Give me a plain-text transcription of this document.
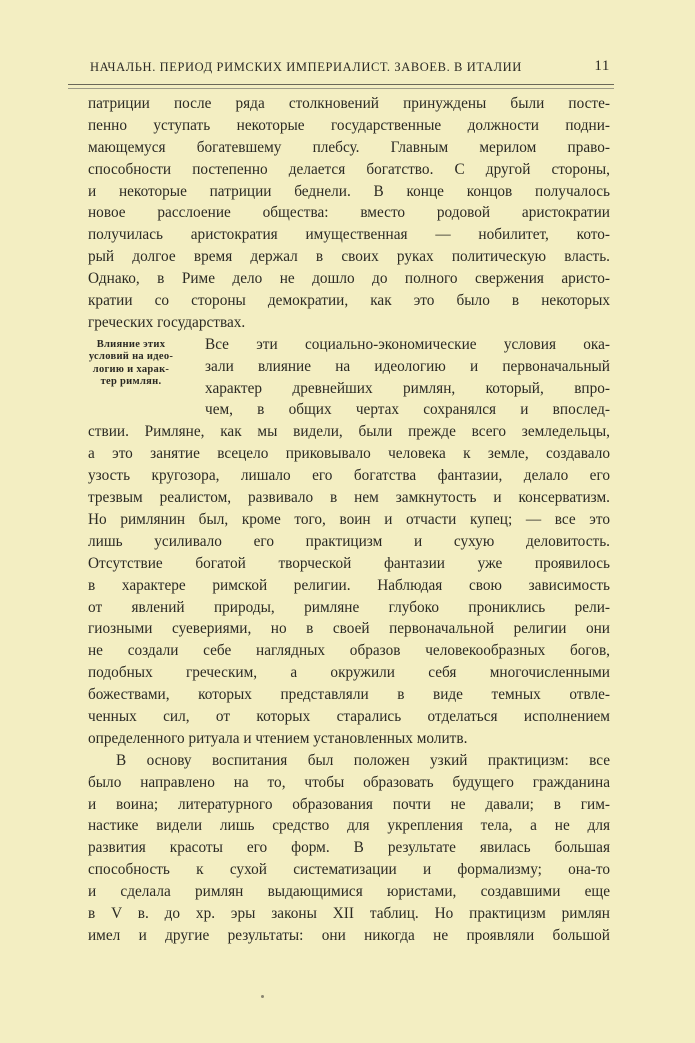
НАЧАЛЬН. ПЕРИОД РИМСКИХ ИМПЕРИАЛИСТ. ЗАВОЕВ. В ИТАЛИИ	11
патриции после ряда столкновений принуждены были посте-
пенно уступать некоторые государственные должности подни-
мающемуся богатевшему плебсу. Главным мерилом право-
способности постепенно делается богатство. С другой стороны,
и некоторые патриции беднели. В конце концов получалось
новое расслоение общества: вместо родовой аристократии
получилась аристократия имущественная — нобилитет, кото-
рый долгое время держал в своих руках политическую власть.
Однако, в Риме дело не дошло до полного свержения аристо-
кратии со стороны демократии, как это было в некоторых
греческих государствах.
Влияние этих
условий на идео-
логию и харак-
тер римлян.
Все эти социально-экономические условия ока-
зали влияние на идеологию и первоначальный
характер древнейших римлян, который, впро-
чем, в общих чертах сохранялся и впослед-
ствии. Римляне, как мы видели, были прежде всего земледельцы,
а это занятие всецело приковывало человека к земле, создавало
узость кругозора, лишало его богатства фантазии, делало его
трезвым реалистом, развивало в нем замкнутость и консерватизм.
Но римлянин был, кроме того, воин и отчасти купец; — все это
лишь усиливало его практицизм и сухую деловитость.
Отсутствие богатой творческой фантазии уже проявилось
в характере римской религии. Наблюдая свою зависимость
от явлений природы, римляне глубоко прониклись рели-
гиозными суевериями, но в своей первоначальной религии они
не создали себе наглядных образов человекообразных богов,
подобных греческим, а окружили себя многочисленными
божествами, которых представляли в виде темных отвле-
ченных сил, от которых старались отделаться исполнением
определенного ритуала и чтением установленных молитв.
В основу воспитания был положен узкий практицизм: все
было направлено на то, чтобы образовать будущего гражданина
и воина; литературного образования почти не давали; в гим-
настике видели лишь средство для укрепления тела, а не для
развития красоты его форм. В результате явилась большая
способность к сухой систематизации и формализму; она-то
и сделала римлян выдающимися юристами, создавшими еще
в V в. до хр. эры законы XII таблиц. Но практицизм римлян
имел и другие результаты: они никогда не проявляли большой
